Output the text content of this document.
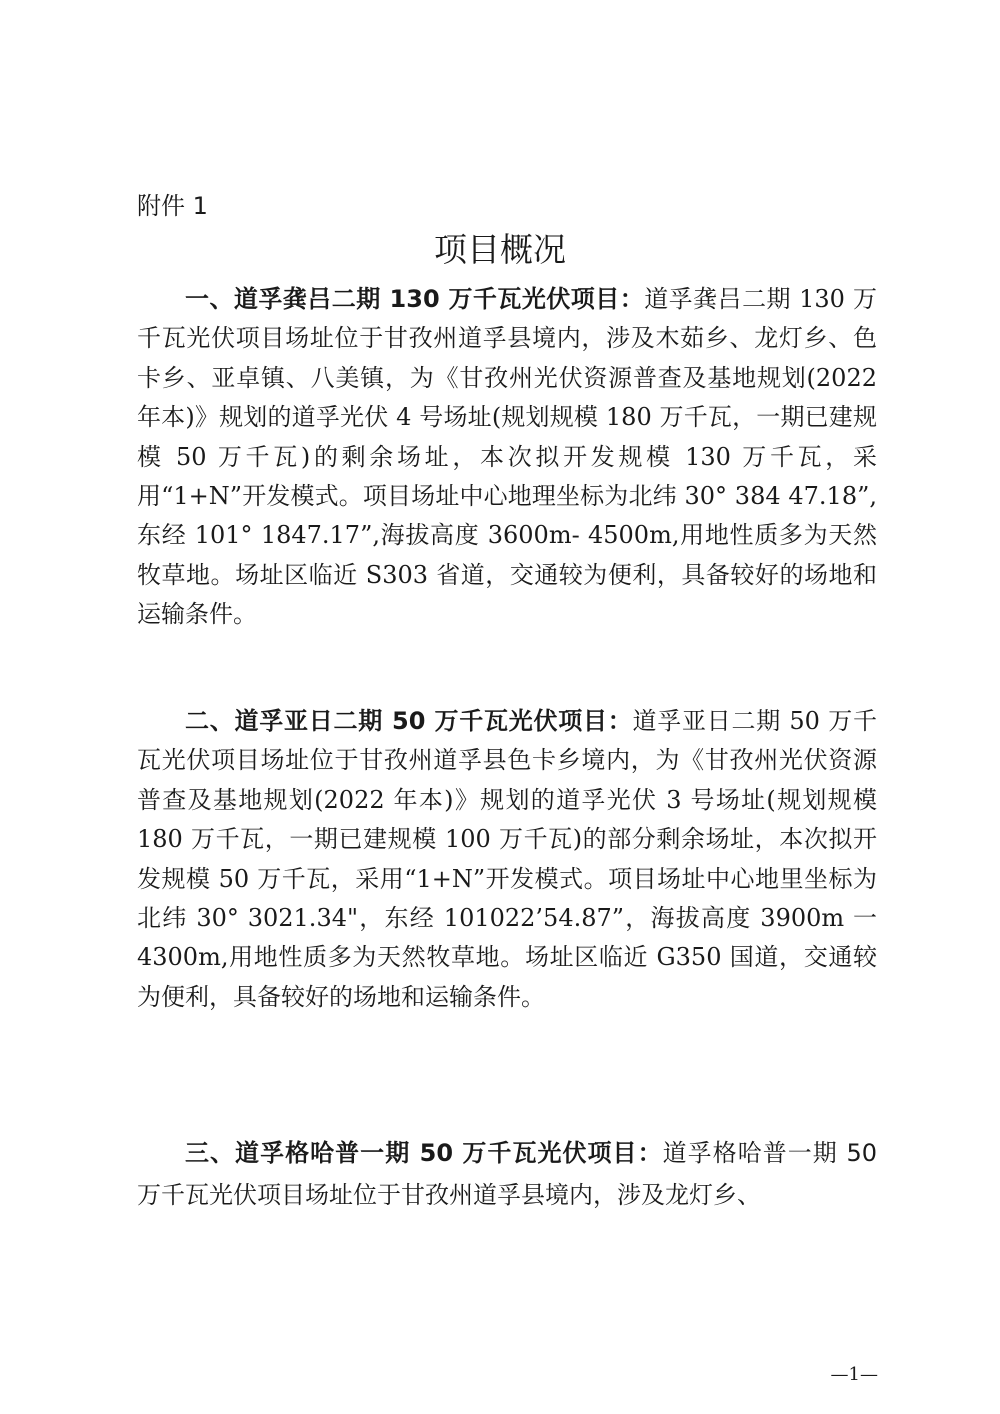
附件 1

项目概况

一、道孚龚吕二期 130 万千瓦光伏项目：道孚龚吕二期 130 万千瓦光伏项目场址位于甘孜州道孚县境内，涉及木茹乡、龙灯乡、色卡乡、亚卓镇、八美镇，为《甘孜州光伏资源普查及基地规划(2022 年本)》规划的道孚光伏 4 号场址(规划规模 180 万千瓦，一期已建规模 50 万千瓦)的剩余场址，本次拟开发规模 130 万千瓦，采用“1+N”开发模式。项目场址中心地理坐标为北纬 30° 384 47.18”,东经 101° 1847.17”,海拔高度 3600m- 4500m,用地性质多为天然牧草地。场址区临近 S303 省道，交通较为便利，具备较好的场地和运输条件。

二、道孚亚日二期 50 万千瓦光伏项目：道孚亚日二期 50 万千瓦光伏项目场址位于甘孜州道孚县色卡乡境内，为《甘孜州光伏资源普查及基地规划(2022 年本)》规划的道孚光伏 3 号场址(规划规模 180 万千瓦，一期已建规模 100 万千瓦)的部分剩余场址，本次拟开发规模 50 万千瓦，采用“1+N”开发模式。项目场址中心地里坐标为北纬 30° 3021.34"，东经 101022’54.87”，海拔高度 3900m 一 4300m,用地性质多为天然牧草地。场址区临近 G350 国道，交通较为便利，具备较好的场地和运输条件。

三、道孚格哈普一期 50 万千瓦光伏项目：道孚格哈普一期 50 万千瓦光伏项目场址位于甘孜州道孚县境内，涉及龙灯乡、

—1—
